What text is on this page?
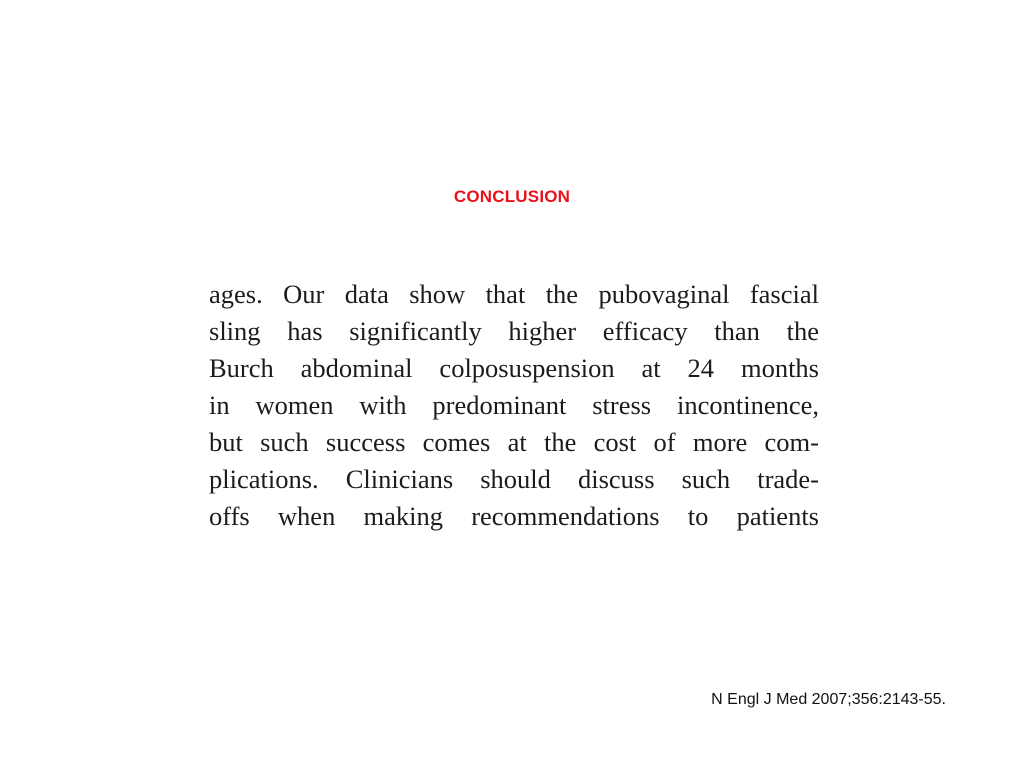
CONCLUSION
ages. Our data show that the pubovaginal fascial
sling has significantly higher efficacy than the
Burch abdominal colposuspension at 24 months
in women with predominant stress incontinence,
but such success comes at the cost of more com-
plications. Clinicians should discuss such trade-
offs when making recommendations to patients
N Engl J Med 2007;356:2143-55.
